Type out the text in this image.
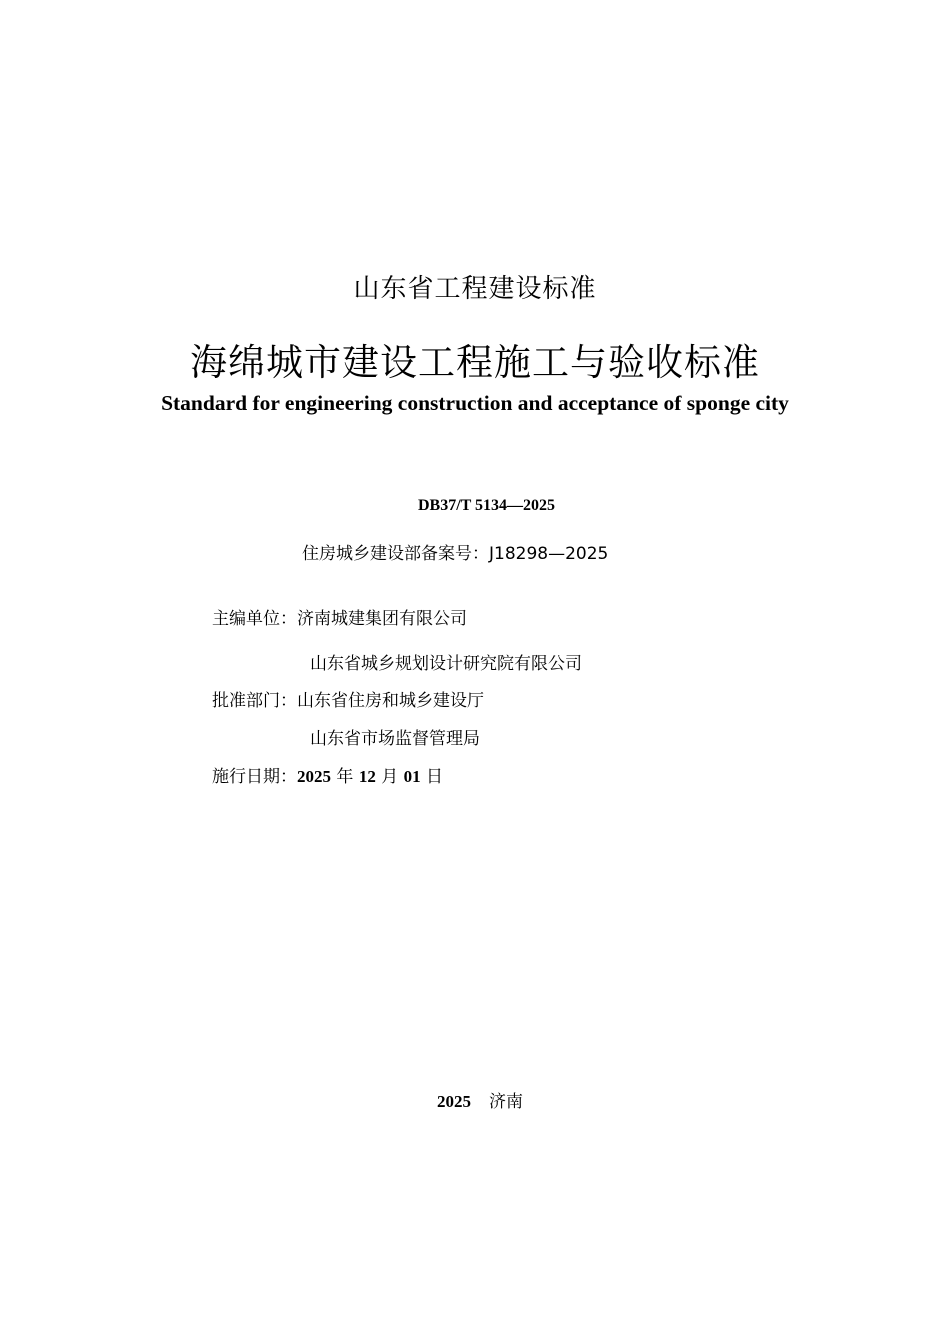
山东省工程建设标准
海绵城市建设工程施工与验收标准
Standard for engineering construction and acceptance of sponge city
DB37/T 5134—2025
住房城乡建设部备案号：J18298—2025
主编单位：济南城建集团有限公司
山东省城乡规划设计研究院有限公司
批准部门：山东省住房和城乡建设厅
山东省市场监督管理局
施行日期：2025 年 12 月 01 日
2025 济南
